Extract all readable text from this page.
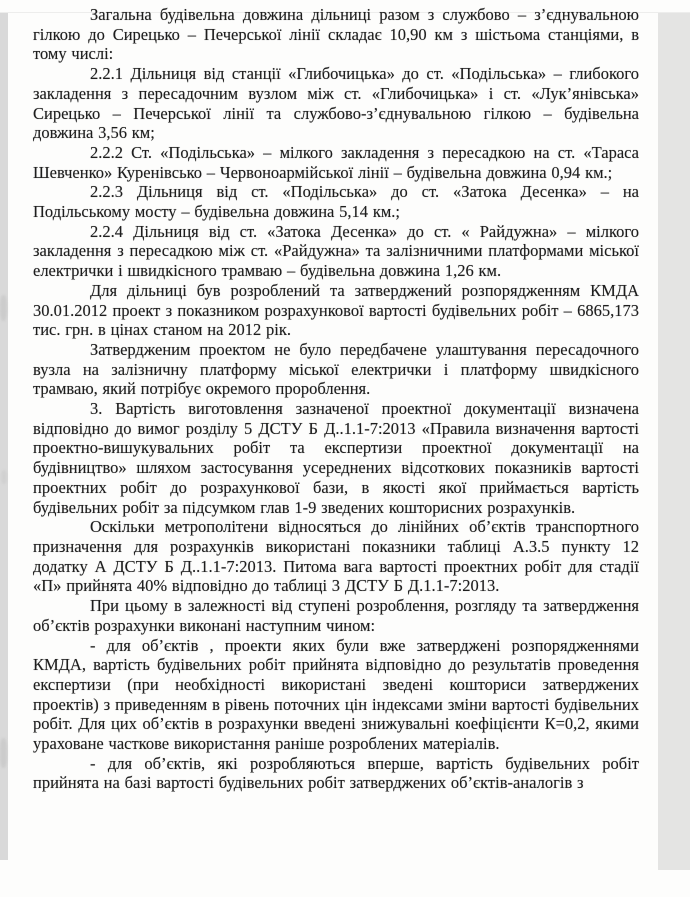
Загальна будівельна довжина дільниці разом з службово – з’єднувальною гілкою до Сирецько – Печерської лінії складає 10,90 км з шістьома станціями, в тому числі:

2.2.1 Дільниця від станції «Глибочицька» до ст. «Подільська» – глибокого закладення з пересадочним вузлом між ст. «Глибочицька» і ст. «Лук’янівська» Сирецько – Печерської лінії та службово-з’єднувальною гілкою – будівельна довжина 3,56 км;

2.2.2 Ст. «Подільська» – мілкого закладення з пересадкою на ст. «Тараса Шевченко» Куренівсько – Червоноармійської лінії – будівельна довжина 0,94 км.;

2.2.3 Дільниця від ст. «Подільська» до ст. «Затока Десенка» – на Подільському мосту – будівельна довжина 5,14 км.;

2.2.4 Дільниця від ст. «Затока Десенка» до ст. « Райдужна» – мілкого закладення з пересадкою між ст. «Райдужна» та залізничними платформами міської електрички і швидкісного трамваю – будівельна довжина 1,26 км.

Для дільниці був розроблений та затверджений розпорядженням КМДА 30.01.2012 проект з показником розрахункової вартості будівельних робіт – 6865,173 тис. грн. в цінах станом на 2012 рік.

Затвердженим проектом не було передбачене улаштування пересадочного вузла на залізничну платформу міської електрички і платформу швидкісного трамваю, який потрібує окремого пророблення.

3. Вартість виготовлення зазначеної проектної документації визначена відповідно до вимог розділу 5 ДСТУ Б Д..1.1-7:2013 «Правила визначення вартості проектно-вишукувальних робіт та експертизи проектної документації на будівництво» шляхом застосування усереднених відсоткових показників вартості проектних робіт до розрахункової бази, в якості якої приймається вартість будівельних робіт за підсумком глав 1-9 зведених кошторисних розрахунків.

Оскільки метрополітени відносяться до лінійних об’єктів транспортного призначення для розрахунків використані показники таблиці А.3.5 пункту 12 додатку А ДСТУ Б Д..1.1-7:2013. Питома вага вартості проектних робіт для стадії «П» прийнята 40% відповідно до таблиці 3 ДСТУ Б Д.1.1-7:2013.

При цьому в залежності від ступені розроблення, розгляду та затвердження об’єктів розрахунки виконані наступним чином:

- для об’єктів , проекти яких були вже затверджені розпорядженнями КМДА, вартість будівельних робіт прийнята відповідно до результатів проведення експертизи (при необхідності використані зведені кошториси затверджених проектів) з приведенням в рівень поточних цін індексами зміни вартості будівельних робіт. Для цих об’єктів в розрахунки введені знижувальні коефіцієнти К=0,2, якими ураховане часткове використання раніше розроблених матеріалів.

- для об’єктів, які розробляються вперше, вартість будівельних робіт прийнята на базі вартості будівельних робіт затверджених об’єктів-аналогів з
